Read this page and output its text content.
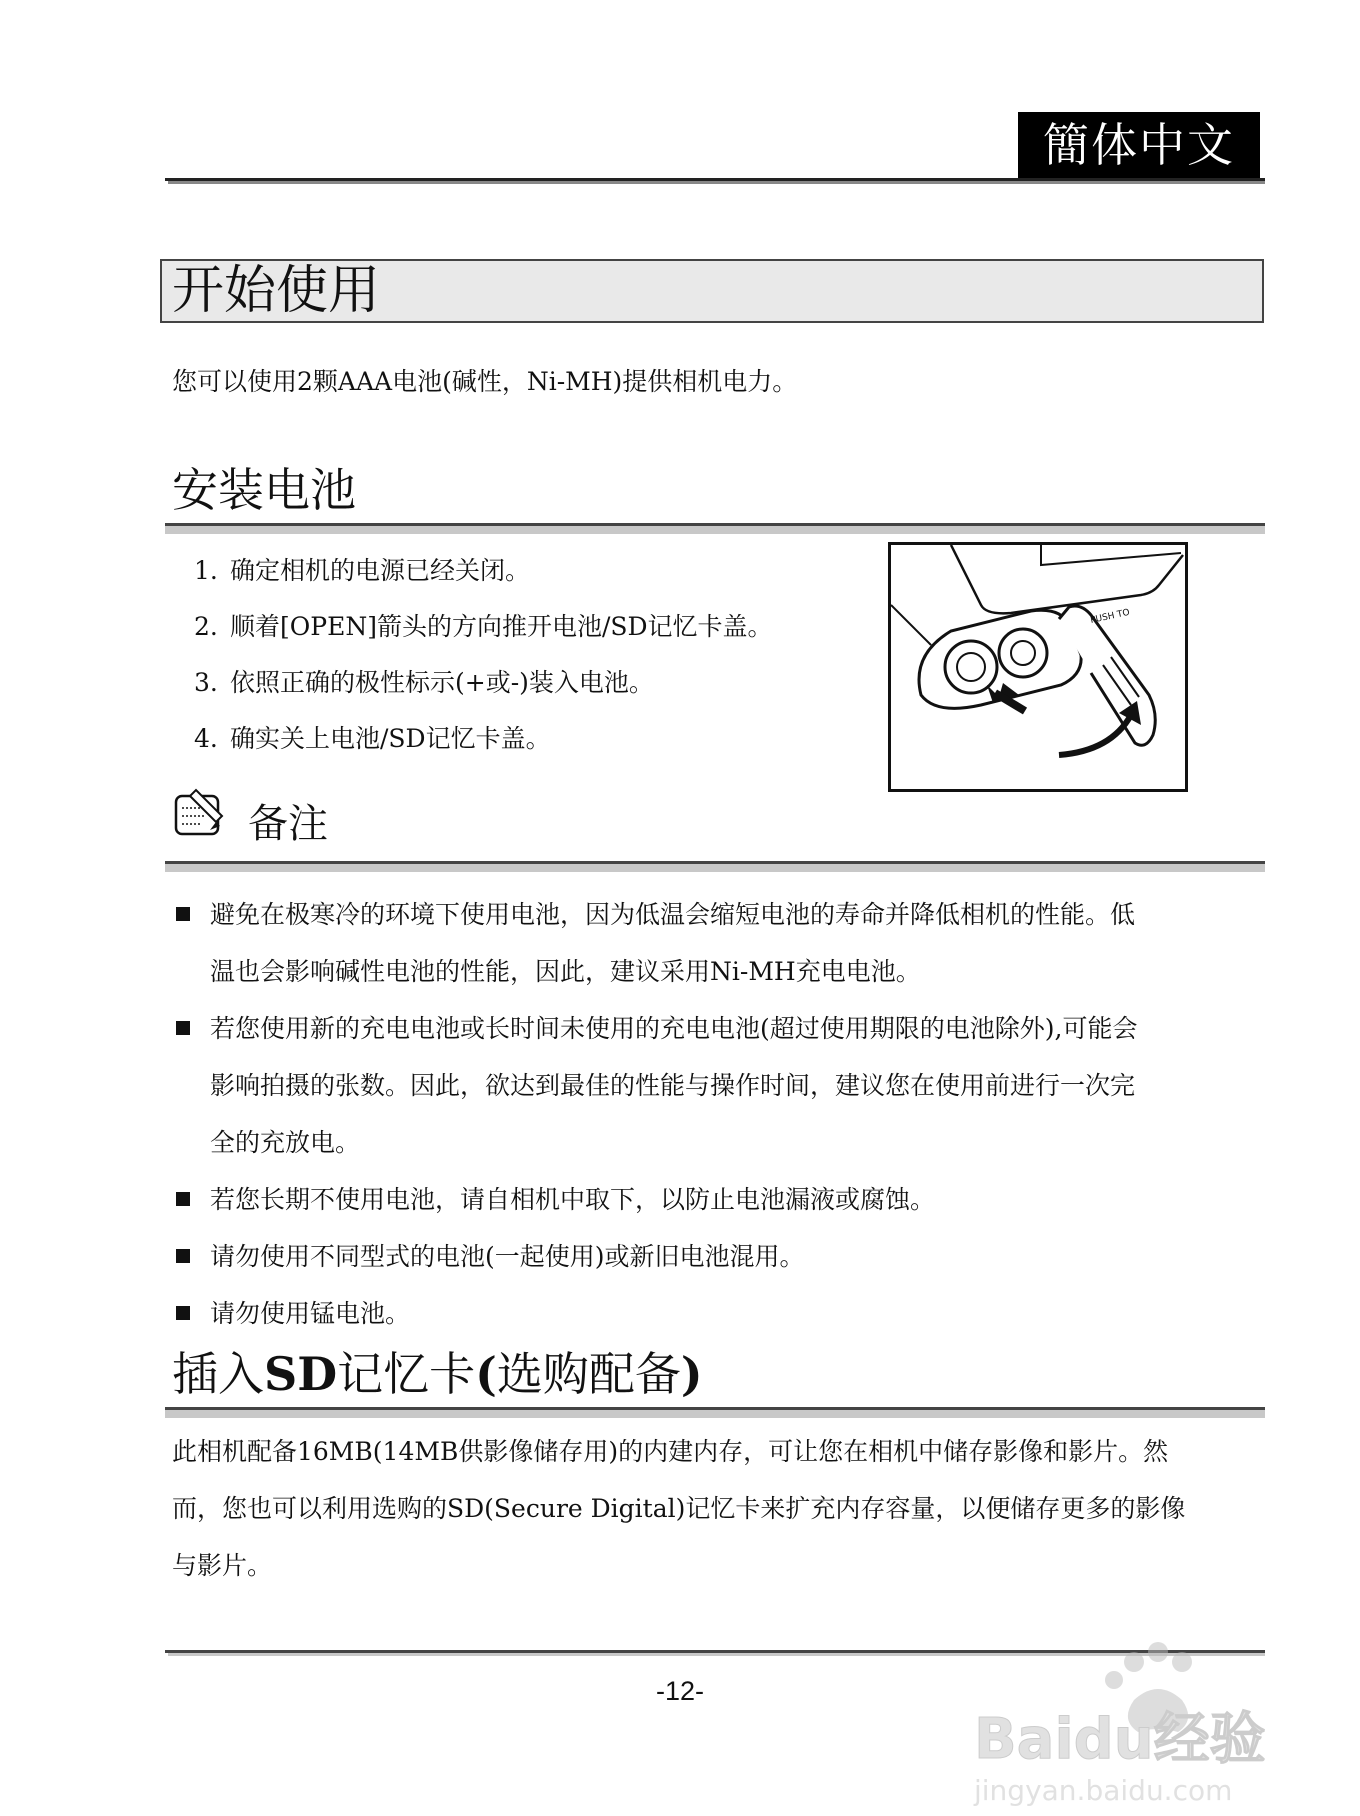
簡体中文
开始使用
您可以使用2颗AAA电池(碱性，Ni-MH)提供相机电力。
安装电池
1. 确定相机的电源已经关闭。
2. 顺着[OPEN]箭头的方向推开电池/SD记忆卡盖。
3. 依照正确的极性标示(+或-)装入电池。
4. 确实关上电池/SD记忆卡盖。
PUSH TO
备注
避免在极寒冷的环境下使用电池，因为低温会缩短电池的寿命并降低相机的性能。低
温也会影响碱性电池的性能，因此，建议采用Ni-MH充电电池。
若您使用新的充电电池或长时间未使用的充电电池(超过使用期限的电池除外),可能会
影响拍摄的张数。因此，欲达到最佳的性能与操作时间，建议您在使用前进行一次完
全的充放电。
若您长期不使用电池，请自相机中取下，以防止电池漏液或腐蚀。
请勿使用不同型式的电池(一起使用)或新旧电池混用。
请勿使用锰电池。
插入SD记忆卡(选购配备)
此相机配备16MB(14MB供影像储存用)的内建内存，可让您在相机中储存影像和影片。然
而，您也可以利用选购的SD(Secure Digital)记忆卡来扩充内存容量，以便储存更多的影像
与影片。
-12-
Baidu经验
jingyan.baidu.com
